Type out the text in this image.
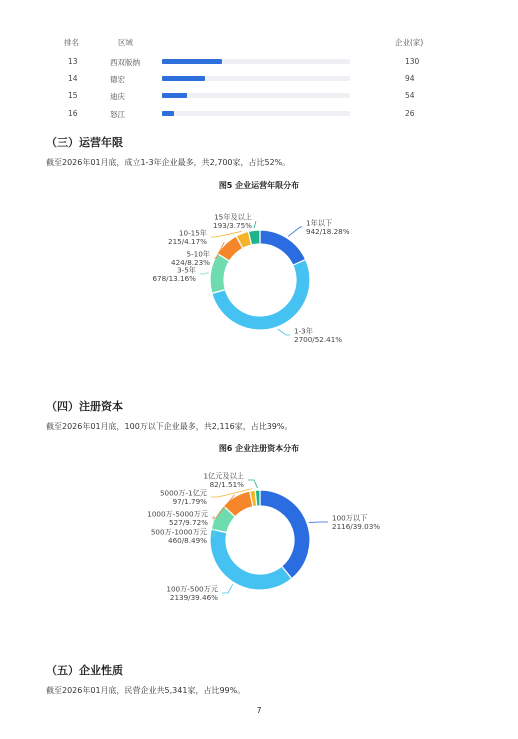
排名	区域	企业(家)
13	西双版纳	130
14	德宏	94
15	迪庆	54
16	怒江	26
（三）运营年限
截至2026年01月底，成立1-3年企业最多，共2,700家，占比52%。
图5 企业运营年限分布
1年以下
942/18.28%
1-3年
2700/52.41%
3-5年
678/13.16%
5-10年
424/8.23%
10-15年
215/4.17%
15年及以上
193/3.75%
（四）注册资本
截至2026年01月底，100万以下企业最多，共2,116家，占比39%。
图6 企业注册资本分布
100万以下
2116/39.03%
100万-500万元
2139/39.46%
500万-1000万元
460/8.49%
1000万-5000万元
527/9.72%
5000万-1亿元
97/1.79%
1亿元及以上
82/1.51%
（五）企业性质
截至2026年01月底，民营企业共5,341家，占比99%。
7
